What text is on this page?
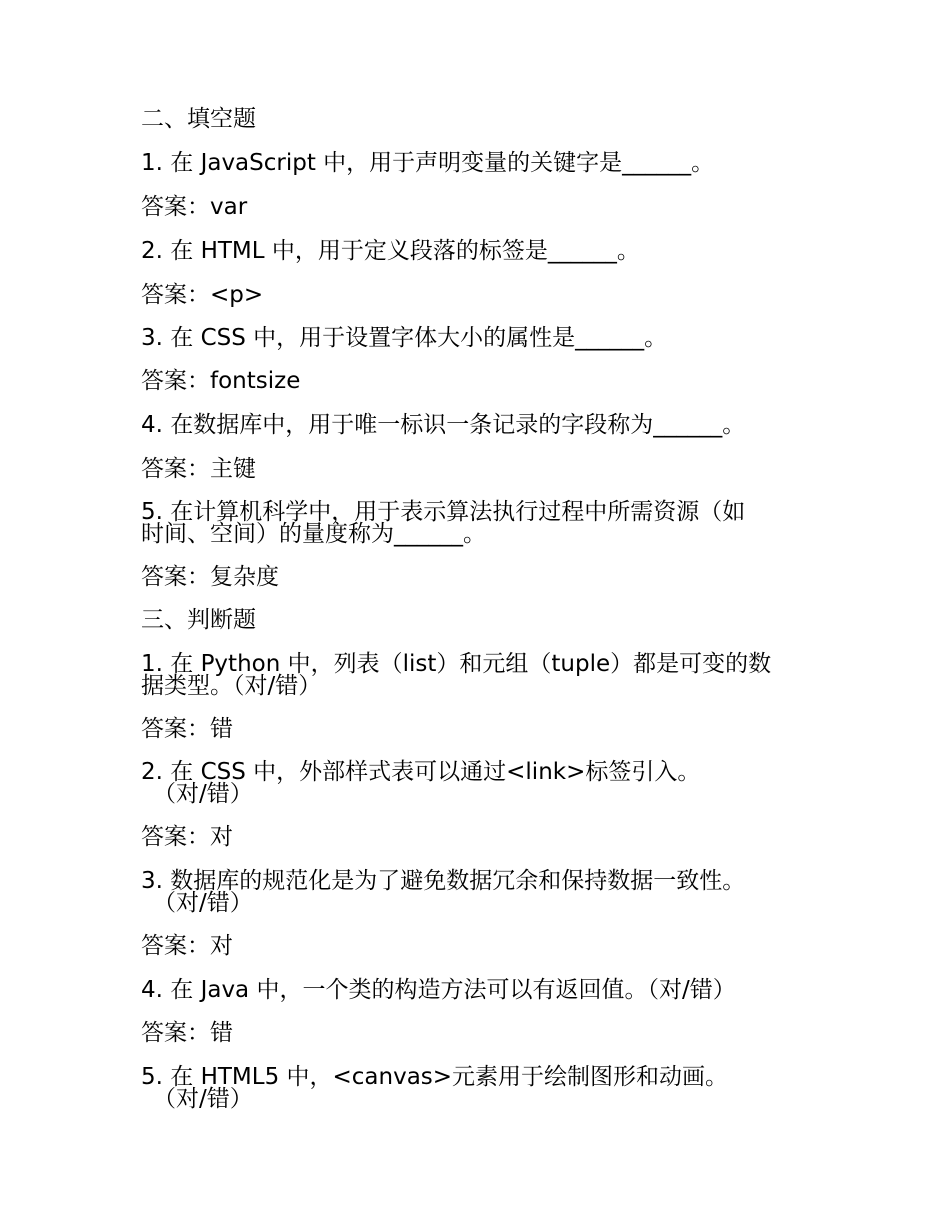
二、填空题
1. 在 JavaScript 中，用于声明变量的关键字是______。
答案：var
2. 在 HTML 中，用于定义段落的标签是______。
答案：<p>
3. 在 CSS 中，用于设置字体大小的属性是______。
答案：fontsize
4. 在数据库中，用于唯一标识一条记录的字段称为______。
答案：主键
5. 在计算机科学中，用于表示算法执行过程中所需资源（如
时间、空间）的量度称为______。
答案：复杂度
三、判断题
1. 在 Python 中，列表（list）和元组（tuple）都是可变的数
据类型。（对/错）
答案：错
2. 在 CSS 中，外部样式表可以通过<link>标签引入。
（对/错）
答案：对
3. 数据库的规范化是为了避免数据冗余和保持数据一致性。
（对/错）
答案：对
4. 在 Java 中，一个类的构造方法可以有返回值。（对/错）
答案：错
5. 在 HTML5 中，<canvas>元素用于绘制图形和动画。
（对/错）
